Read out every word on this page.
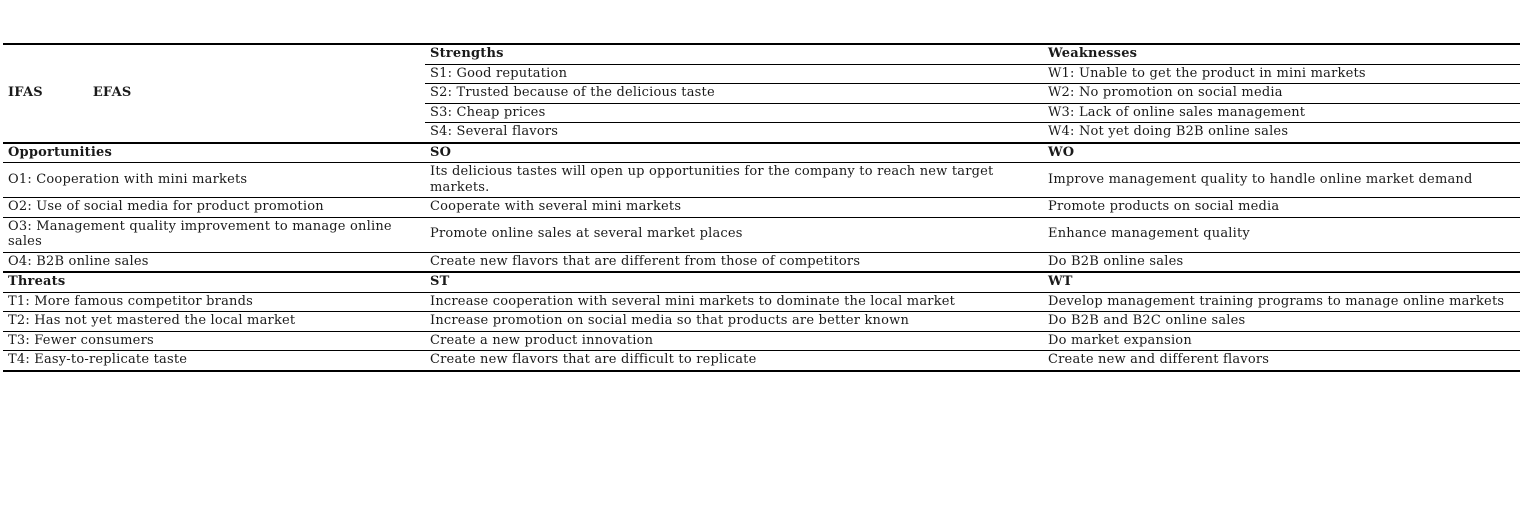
IFAS EFAS	Strengths	Weaknesses
	S1: Good reputation	W1: Unable to get the product in mini markets
	S2: Trusted because of the delicious taste	W2: No promotion on social media
	S3: Cheap prices	W3: Lack of online sales management
	S4: Several flavors	W4: Not yet doing B2B online sales
Opportunities	SO	WO
O1: Cooperation with mini markets	Its delicious tastes will open up opportunities for the company to reach new target markets.	Improve management quality to handle online market demand
O2: Use of social media for product promotion	Cooperate with several mini markets	Promote products on social media
O3: Management quality improvement to manage online sales	Promote online sales at several market places	Enhance management quality
O4: B2B online sales	Create new flavors that are different from those of competitors	Do B2B online sales
Threats	ST	WT
T1: More famous competitor brands	Increase cooperation with several mini markets to dominate the local market	Develop management training programs to manage online markets
T2: Has not yet mastered the local market	Increase promotion on social media so that products are better known	Do B2B and B2C online sales
T3: Fewer consumers	Create a new product innovation	Do market expansion
T4: Easy-to-replicate taste	Create new flavors that are difficult to replicate	Create new and different flavors
